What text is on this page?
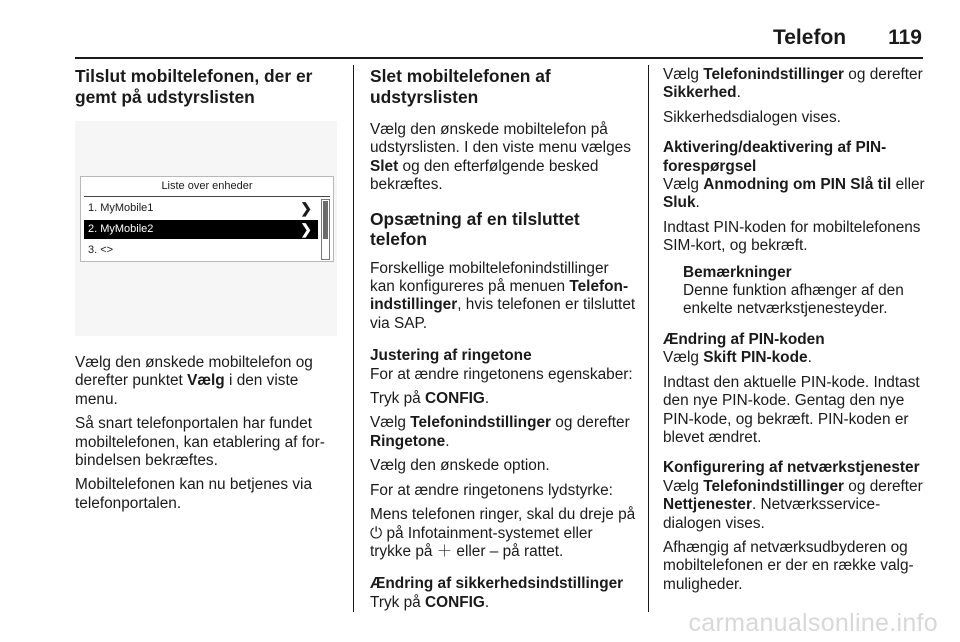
Telefon 119
Tilslut mobiltelefonen, der er gemt på udstyrslisten
Liste over enheder
1. MyMobile1	❯
2. MyMobile2	❯
3. <>

Vælg den ønskede mobiltelefon og derefter punktet Vælg i den viste menu.

Så snart telefonportalen har fundet mobiltelefonen, kan etablering af forbindelsen bekræftes.

Mobiltelefonen kan nu betjenes via telefonportalen.

Slet mobiltelefonen af udstyrslisten

Vælg den ønskede mobiltelefon på udstyrslisten. I den viste menu vælges Slet og den efterfølgende besked bekræftes.

Opsætning af en tilsluttet telefon

Forskellige mobiltelefonindstillinger kan konfigureres på menuen Telefonindstillinger, hvis telefonen er tilsluttet via SAP.

Justering af ringetone

For at ændre ringetonens egenskaber:

Tryk på CONFIG.

Vælg Telefonindstillinger og derefter Ringetone.

Vælg den ønskede option.

For at ændre ringetonens lydstyrke:

Mens telefonen ringer, skal du dreje på ⏻ på Infotainment-systemet eller trykke på ＋ eller – på rattet.

Ændring af sikkerhedsindstillinger

Tryk på CONFIG.

Vælg Telefonindstillinger og derefter Sikkerhed.

Sikkerhedsdialogen vises.

Aktivering/deaktivering af PIN-forespørgsel

Vælg Anmodning om PIN Slå til eller Sluk.

Indtast PIN-koden for mobiltelefonens SIM-kort, og bekræft.

Bemærkninger
Denne funktion afhænger af den enkelte netværkstjenesteyder.
Ændring af PIN-koden

Vælg Skift PIN-kode.

Indtast den aktuelle PIN-kode. Indtast den nye PIN-kode. Gentag den nye PIN-kode, og bekræft. PIN-koden er blevet ændret.

Konfigurering af netværkstjenester

Vælg Telefonindstillinger og derefter Nettjenester. Netværksservicedialogen vises.

Afhængig af netværksudbyderen og mobiltelefonen er der en række valgmuligheder.

carmanualsonline.info
